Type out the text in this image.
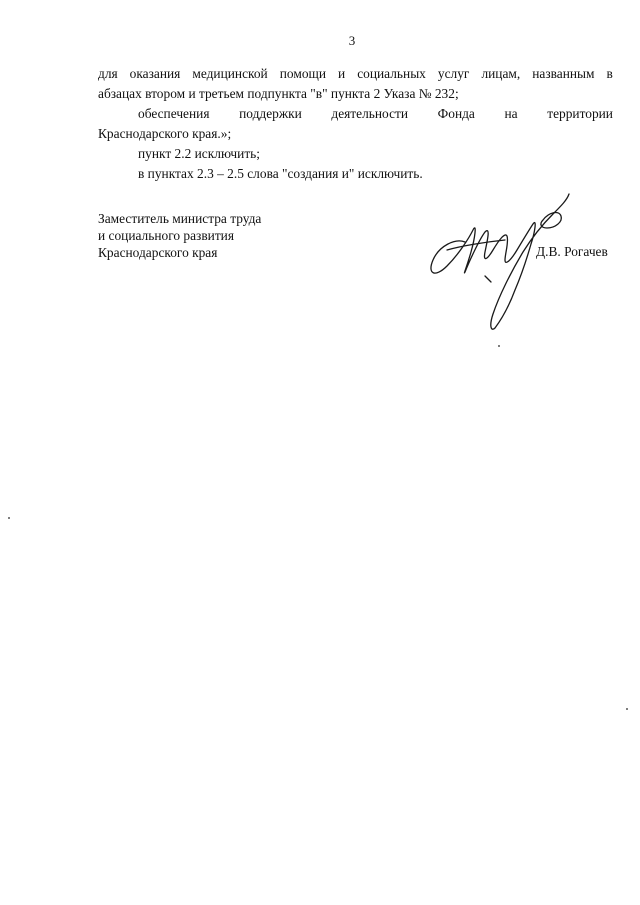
3
для оказания медицинской помощи и социальных услуг лицам, названным в
абзацах втором и третьем подпункта "в" пункта 2 Указа № 232;
обеспечения поддержки деятельности Фонда на территории
Краснодарского края.»;
пункт 2.2 исключить;
в пунктах 2.3 – 2.5 слова "создания и" исключить.
Заместитель министра труда
и социального развития
Краснодарского края	Д.В. Рогачев
